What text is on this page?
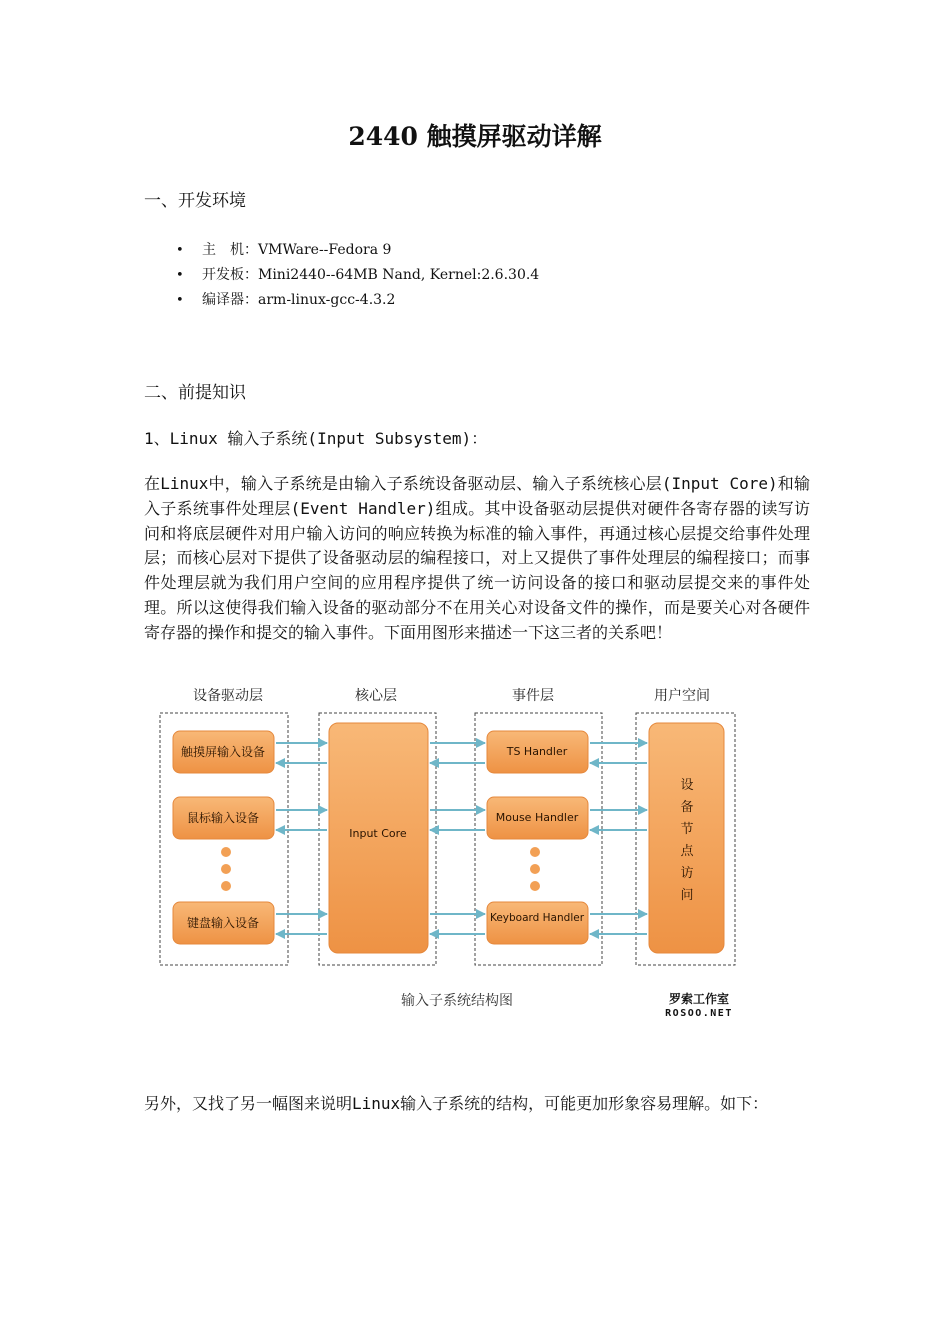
2440 触摸屏驱动详解
一、开发环境
• 主　机：VMWare--Fedora 9
• 开发板：Mini2440--64MB Nand, Kernel:2.6.30.4
• 编译器：arm-linux-gcc-4.3.2
二、前提知识
1、Linux 输入子系统(Input Subsystem)：

在Linux中，输入子系统是由输入子系统设备驱动层、输入子系统核心层(Input Core)和输入子系统事件处理层(Event Handler)组成。其中设备驱动层提供对硬件各寄存器的读写访问和将底层硬件对用户输入访问的响应转换为标准的输入事件，再通过核心层提交给事件处理层；而核心层对下提供了设备驱动层的编程接口，对上又提供了事件处理层的编程接口；而事件处理层就为我们用户空间的应用程序提供了统一访问设备的接口和驱动层提交来的事件处理。所以这使得我们输入设备的驱动部分不在用关心对设备文件的操作，而是要关心对各硬件寄存器的操作和提交的输入事件。下面用图形来描述一下这三者的关系吧！

设备驱动层	核心层	事件层	用户空间
触摸屏输入设备
鼠标输入设备
键盘输入设备
Input Core
TS Handler
Mouse Handler
Keyboard Handler
设
备
节
点
访
问
输入子系统结构图	罗索工作室
ROSOO.NET

另外，又找了另一幅图来说明Linux输入子系统的结构，可能更加形象容易理解。如下：
